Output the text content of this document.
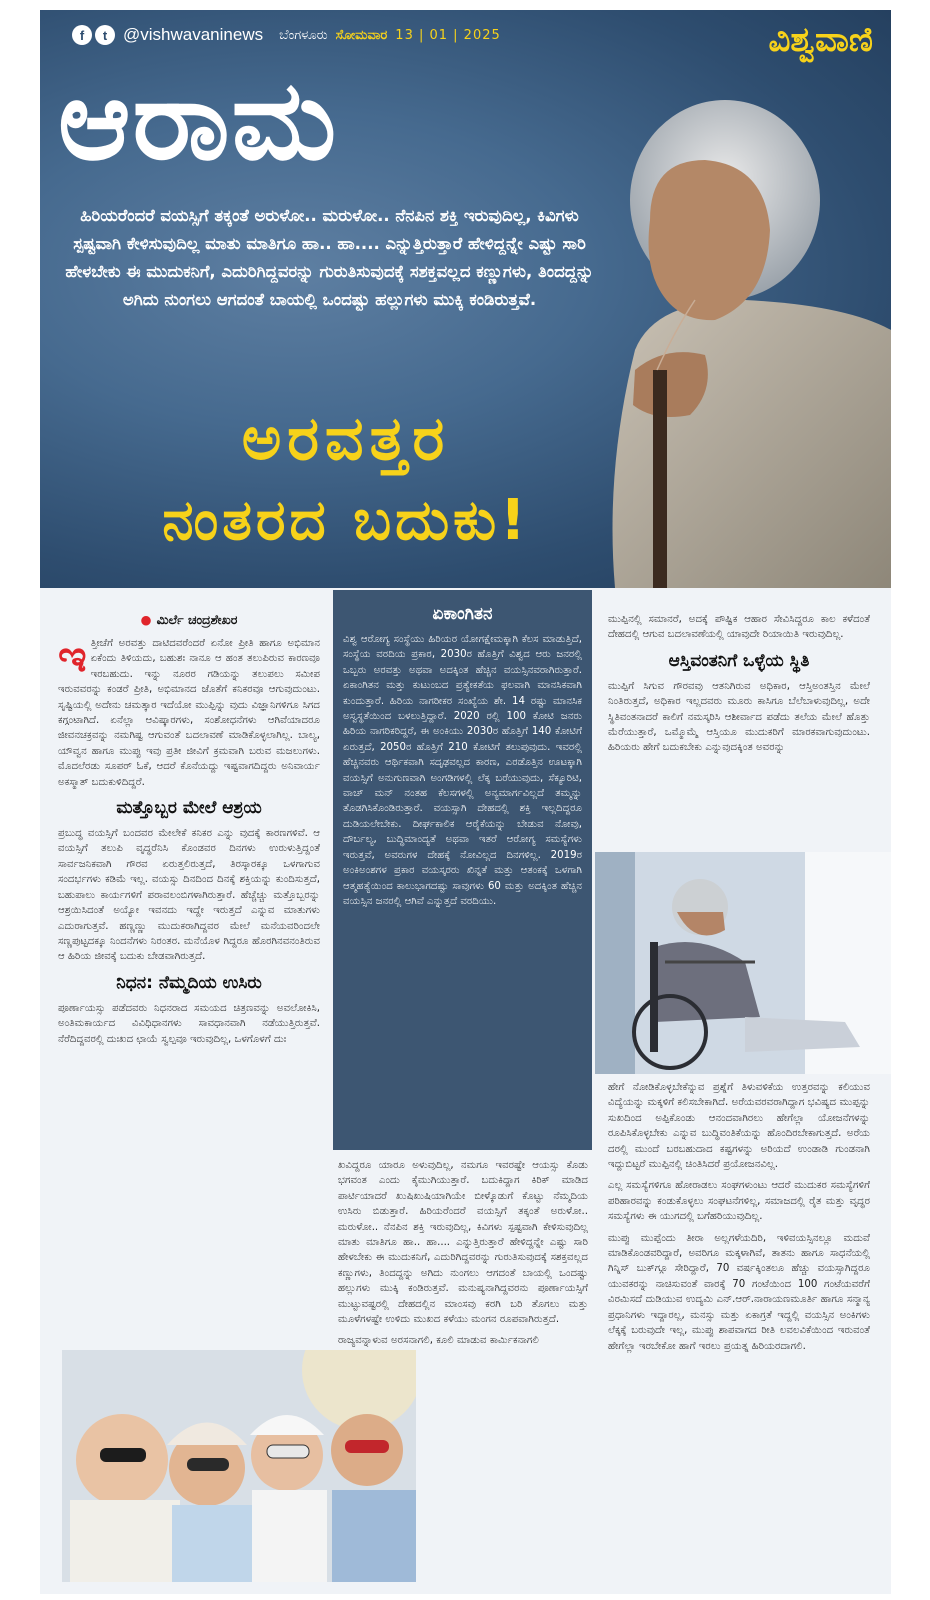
f	t @vishwavaninews ಬೆಂಗಳೂರು ಸೋಮವಾರ 13 | 01 | 2025	ವಿಶ್ವವಾಣಿ
ಆರಾಮ
ಹಿರಿಯರೆಂದರೆ ವಯಸ್ಸಿಗೆ ತಕ್ಕಂತೆ ಅರುಳೋ.. ಮರುಳೋ.. ನೆನಪಿನ ಶಕ್ತಿ ಇರುವುದಿಲ್ಲ, ಕಿವಿಗಳು ಸ್ಪಷ್ಟವಾಗಿ ಕೇಳಿಸುವುದಿಲ್ಲ ಮಾತು ಮಾತಿಗೂ ಹಾ.. ಹಾ.... ಎನ್ನುತ್ತಿರುತ್ತಾರೆ ಹೇಳಿದ್ದನ್ನೇ ಎಷ್ಟು ಸಾರಿ ಹೇಳಬೇಕು ಈ ಮುದುಕನಿಗೆ, ಎದುರಿಗಿದ್ದವರನ್ನು ಗುರುತಿಸುವುದಕ್ಕೆ ಸಶಕ್ತವಲ್ಲದ ಕಣ್ಣುಗಳು, ತಿಂದದ್ದನ್ನು ಅಗಿದು ನುಂಗಲು ಆಗದಂತೆ ಬಾಯಲ್ಲಿ ಒಂದಷ್ಟು ಹಲ್ಲುಗಳು ಮುಕ್ಕಿ ಕಂಡಿರುತ್ತವೆ.
ಅರವತ್ತರ
ನಂತರದ ಬದುಕು!
● ಮಿರ್ಲೆ ಚಂದ್ರಶೇಖರ

ಇತ್ತೀಚೆಗೆ ಅರವತ್ತು ದಾಟಿದವರೆಂದರೆ ಏನೋ ಪ್ರೀತಿ ಹಾಗೂ ಅಭಿಮಾನ ಏಕೆಂದು ತಿಳಿಯದು, ಬಹುಶಃ ನಾನೂ ಆ ಹಂತ ತಲುಪಿರುವ ಕಾರಣವೂ ಇರಬಹುದು. ಇನ್ನು ನೂರರ ಗಡಿಯನ್ನು ತಲುಪಲು ಸಮೀಪ ಇರುವವರನ್ನು ಕಂಡರೆ ಪ್ರೀತಿ, ಅಭಿಮಾನದ ಜೊತೆಗೆ ಕನಿಕರವೂ ಆಗುವುದುಂಟು. ಸೃಷ್ಟಿಯಲ್ಲಿ ಅದೇನು ಚಮತ್ಕಾರ ಇದೆಯೋ ಮುಪ್ಪಿನ್ನು ವುದು ವಿಜ್ಞಾನಿಗಳಿಗೂ ಸಿಗದ ಕಗ್ಗಂಟಾಗಿದೆ. ಏನೆಲ್ಲಾ ಆವಿಷ್ಕಾರಗಳು, ಸಂಶೋಧನೆಗಳು ಆಗಿವೆಯಾದರೂ ಜೀವನಚಕ್ರವನ್ನು ನಮಗಿಷ್ಟ ಆಗುವಂತೆ ಬದಲಾವಣೆ ಮಾಡಿಕೊಳ್ಳಲಾಗಿಲ್ಲ. ಬಾಲ್ಯ, ಯೌವ್ವನ ಹಾಗೂ ಮುಪ್ಪು ಇವು ಪ್ರತೀ ಜೀವಿಗೆ ಕ್ರಮವಾಗಿ ಬರುವ ಮಜಲುಗಳು. ಮೊದಲೆರಡು ಸೂಪರ್ ಓಕೆ, ಆದರೆ ಕೊನೆಯದ್ದು ಇಷ್ಟವಾಗದಿದ್ದರು ಅನಿವಾರ್ಯ ಅಕಸ್ಮಾತ್ ಬದುಕುಳಿದಿದ್ದರೆ.

ಮತ್ತೊಬ್ಬರ ಮೇಲೆ ಆಶ್ರಯ

ಪ್ರಬುದ್ಧ ವಯಸ್ಸಿಗೆ ಬಂದವರ ಮೇಲೇಕೆ ಕನಿಕರ ಎನ್ನು ವುದಕ್ಕೆ ಕಾರಣಗಳಿವೆ. ಆ ವಯಸ್ಸಿಗೆ ತಲುಪಿ ವೃದ್ಧರೆನಿಸಿ ಕೊಂಡವರ ದಿನಗಳು ಉರುಳುತ್ತಿದ್ದಂತೆ ಸಾರ್ವಜನಿಕವಾಗಿ ಗೌರವ ಏರುತ್ತಲಿರುತ್ತದೆ, ತಿರಸ್ಕಾರಕ್ಕೂ ಒಳಗಾಗುವ ಸಂದರ್ಭಗಳು ಕಡಿಮೆ ಇಲ್ಲ. ವಯಸ್ಸು ದಿನದಿಂದ ದಿನಕ್ಕೆ ಶಕ್ತಿಯನ್ನು ಕುಂದಿಸುತ್ತದೆ, ಬಹುಪಾಲು ಕಾರ್ಯಗಳಿಗೆ ಪರಾವಲಂಬಿಗಳಾಗಿರುತ್ತಾರೆ. ಹೆಚ್ಚೆಚ್ಚು ಮತ್ತೊಬ್ಬರನ್ನು ಆಶ್ರಯಿಸಿದಂತೆ ಅಯ್ಯೋ ಇವನದು ಇದ್ದೇ ಇರುತ್ತದೆ ಎನ್ನುವ ಮಾತುಗಳು ಎದುರಾಗುತ್ತವೆ. ಹಣ್ಣಣ್ಣು ಮುದುಕರಾಗಿದ್ದವರ ಮೇಲೆ ಮನೆಯವರಿಂದಲೇ ಸಣ್ಣಪುಟ್ಟದಕ್ಕೂ ನಿಂದನೆಗಳು ನಿರಂತರ. ಮನೆಯೊಳ ಗಿದ್ದರೂ ಹೊರಗಿನವನಂತಿರುವ ಆ ಹಿರಿಯ ಜೀವಕ್ಕೆ ಬದುಕು ಬೇಡವಾಗಿರುತ್ತದೆ.

ನಿಧನ: ನೆಮ್ಮದಿಯ ಉಸಿರು

ಪೂರ್ಣಾಯಸ್ಸು ಪಡೆದವರು ನಿಧನರಾದ ಸಮಯದ ಚಿತ್ರಣವನ್ನು ಅವಲೋಕಿಸಿ, ಅಂತಿಮಕಾರ್ಯದ ವಿವಿಧಿಧಾನಗಳು ಸಾವಧಾನವಾಗಿ ನಡೆಯುತ್ತಿರುತ್ತವೆ. ನೆರೆದಿದ್ದವರಲ್ಲಿ ದುಃಖದ ಛಾಯೆ ಸ್ವಲ್ಪವೂ ಇರುವುದಿಲ್ಲ, ಒಳಗೊಳಗೆ ದುಃ

ಏಕಾಂಗಿತನ

ವಿಶ್ವ ಆರೋಗ್ಯ ಸಂಸ್ಥೆಯು ಹಿರಿಯರ ಯೋಗಕ್ಷೇಮಕ್ಕಾಗಿ ಕೆಲಸ ಮಾಡುತ್ತಿದೆ, ಸಂಸ್ಥೆಯ ವರದಿಯ ಪ್ರಕಾರ, 2030ರ ಹೊತ್ತಿಗೆ ವಿಶ್ವದ ಆರು ಜನರಲ್ಲಿ ಒಬ್ಬರು ಅರವತ್ತು ಅಥವಾ ಅದಕ್ಕಿಂತ ಹೆಚ್ಚಿನ ವಯಸ್ಸಿನವರಾಗಿರುತ್ತಾರೆ. ಏಕಾಂಗಿತನ ಮತ್ತು ಕುಟುಂಬದ ಪ್ರತ್ಯೇಕತೆಯ ಫಲವಾಗಿ ಮಾನಸಿಕವಾಗಿ ಕುಂದುತ್ತಾರೆ. ಹಿರಿಯ ನಾಗರೀಕರ ಸಂಖ್ಯೆಯ ಶೇ. 14 ರಷ್ಟು ಮಾನಸಿಕ ಅಸ್ವಸ್ಥತೆಯಿಂದ ಬಳಲುತ್ತಿದ್ದಾರೆ. 2020 ರಲ್ಲಿ 100 ಕೋಟಿ ಜನರು ಹಿರಿಯ ನಾಗರಿಕರಿದ್ದರೆ, ಈ ಅಂಕಿಯು 2030ರ ಹೊತ್ತಿಗೆ 140 ಕೋಟಿಗೆ ಏರುತ್ತದೆ, 2050ರ ಹೊತ್ತಿಗೆ 210 ಕೋಟಿಗೆ ತಲುಪುವುದು. ಇವರಲ್ಲಿ ಹೆಚ್ಚಿನವರು ಆರ್ಥಿಕವಾಗಿ ಸದೃಢವಲ್ಲದ ಕಾರಣ, ಎರಡೊತ್ತಿನ ಊಟಕ್ಕಾಗಿ ವಯಸ್ಸಿಗೆ ಅನುಗುಣವಾಗಿ ಅಂಗಡಿಗಳಲ್ಲಿ ಲೆಕ್ಕ ಬರೆಯುವುದು, ಸೆಕ್ಯೂರಿಟಿ, ವಾಚ್ ಮನ್ ನಂತಹ ಕೆಲಸಗಳಲ್ಲಿ ಅನ್ಯಮಾರ್ಗವಿಲ್ಲದೆ ತಮ್ಮನ್ನು ತೊಡಗಿಸಿಕೊಂಡಿರುತ್ತಾರೆ. ವಯಸ್ಸಾಗಿ ದೇಹದಲ್ಲಿ ಶಕ್ತಿ ಇಲ್ಲದಿದ್ದರೂ ದುಡಿಯಲೇಬೇಕು. ದೀರ್ಘಕಾಲಿಕ ಆರೈಕೆಯನ್ನು ಬೇಡುವ ನೋವು, ದೌರ್ಬಲ್ಯ, ಬುದ್ಧಿಮಾಂದ್ಯತೆ ಅಥವಾ ಇತರೆ ಆರೋಗ್ಯ ಸಮಸ್ಯೆಗಳು ಇರುತ್ತವೆ, ಅವರುಗಳ ದೇಹಕ್ಕೆ ನೋವಿಲ್ಲದ ದಿನಗಳಿಲ್ಲ. 2019ರ ಅಂಕಿಅಂಶಗಳ ಪ್ರಕಾರ ವಯಸ್ಕರರು ಖಿನ್ನತೆ ಮತ್ತು ಆತಂಕಕ್ಕೆ ಒಳಗಾಗಿ ಆತ್ಮಹತ್ಯೆಯಿಂದ ಕಾಲುಭಾಗದಷ್ಟು ಸಾವುಗಳು 60 ಮತ್ತು ಅದಕ್ಕಿಂತ ಹೆಚ್ಚಿನ ವಯಸ್ಸಿನ ಜನರಲ್ಲಿ ಆಗಿವೆ ಎನ್ನುತ್ತದೆ ವರದಿಯು.

ಖವಿದ್ದರೂ ಯಾರೂ ಅಳುವುದಿಲ್ಲ, ನಮಗೂ ಇವರಷ್ಟೇ ಆಯಸ್ಸು ಕೊಡು ಭಗವಂತ ಎಂದು ಕೈಮುಗಿಯುತ್ತಾರೆ. ಬದುಕಿದ್ದಾಗ ಕಿರಿಕ್ ಮಾಡಿದ ಪಾರ್ಟಿಯಾದರೆ ಖುಷಿಖುಷಿಯಾಗಿಯೇ ಬೀಳ್ಕೊಡುಗೆ ಕೊಟ್ಟು ನೆಮ್ಮದಿಯ ಉಸಿರು ಬಿಡುತ್ತಾರೆ. ಹಿರಿಯರೆಂದರೆ ವಯಸ್ಸಿಗೆ ತಕ್ಕಂತೆ ಅರುಳೋ.. ಮರುಳೋ.. ನೆನಪಿನ ಶಕ್ತಿ ಇರುವುದಿಲ್ಲ, ಕಿವಿಗಳು ಸ್ಪಷ್ಟವಾಗಿ ಕೇಳಿಸುವುದಿಲ್ಲ ಮಾತು ಮಾತಿಗೂ ಹಾ.. ಹಾ.... ಎನ್ನುತ್ತಿರುತ್ತಾರೆ ಹೇಳಿದ್ದನ್ನೇ ಎಷ್ಟು ಸಾರಿ ಹೇಳಬೇಕು ಈ ಮುದುಕನಿಗೆ, ಎದುರಿಗಿದ್ದವರನ್ನು ಗುರುತಿಸುವುದಕ್ಕೆ ಸಶಕ್ತವಲ್ಲದ ಕಣ್ಣುಗಳು, ತಿಂದದ್ದನ್ನು ಅಗಿದು ನುಂಗಲು ಆಗದಂತೆ ಬಾಯಲ್ಲಿ ಒಂದಷ್ಟು ಹಲ್ಲುಗಳು ಮುಕ್ಕಿ ಕಂಡಿರುತ್ತವೆ. ಮನುಷ್ಯನಾಗಿದ್ದವರನು ಪೂರ್ಣಾಯಸ್ಸಿಗೆ ಮುಟ್ಟುವಷ್ಟರಲ್ಲಿ ದೇಹದಲ್ಲಿನ ಮಾಂಸವು ಕರಗಿ ಬರಿ ತೊಗಲು ಮತ್ತು ಮೂಳೆಗಳಷ್ಟೇ ಉಳಿದು ಮುಖದ ಕಳೆಯು ಮಂಗನ ರೂಪವಾಗಿರುತ್ತದೆ.

ರಾಜ್ಯವನ್ನಾಳುವ ಅರಸನಾಗಲಿ, ಕೂಲಿ ಮಾಡುವ ಕಾರ್ಮಿಕನಾಗಲಿ

ಮುಪ್ಪಿನಲ್ಲಿ ಸಮಾನರೆ, ಅದಕ್ಕೆ ಪೌಷ್ಟಿಕ ಆಹಾರ ಸೇವಿಸಿದ್ದರೂ ಕಾಲ ಕಳೆದಂತೆ ದೇಹದಲ್ಲಿ ಆಗುವ ಬದಲಾವಣೆಯಲ್ಲಿ ಯಾವುದೇ ರಿಯಾಯಿತಿ ಇರುವುದಿಲ್ಲ.

ಆಸ್ತಿವಂತನಿಗೆ ಒಳ್ಳೆಯ ಸ್ಥಿತಿ

ಮುಪ್ಪಿಗೆ ಸಿಗುವ ಗೌರವವು ಆತನಿಗಿರುವ ಅಧಿಕಾರ, ಆಸ್ತಿಅಂತಸ್ತಿನ ಮೇಲೆ ನಿಂತಿರುತ್ತದೆ, ಅಧಿಕಾರ ಇಲ್ಲದವರು ಮೂರು ಕಾಸಿಗೂ ಬೆಲೆಬಾಳುವುದಿಲ್ಲ, ಅದೇ ಸ್ಥಿತಿವಂತನಾದರೆ ಕಾಲಿಗೆ ನಮಸ್ಕರಿಸಿ ಆಶೀರ್ವಾದ ಪಡೆದು ತಲೆಯ ಮೇಲೆ ಹೊತ್ತು ಮೆರೆಯುತ್ತಾರೆ, ಒಮ್ಮೊಮ್ಮೆ ಆಸ್ತಿಯೂ ಮುದುಕರಿಗೆ ಮಾರಕವಾಗುವುದುಂಟು. ಹಿರಿಯರು ಹೇಗೆ ಬದುಕಬೇಕು ಎನ್ನುವುದಕ್ಕಿಂತ ಅವರನ್ನು

ಹೇಗೆ ನೋಡಿಕೊಳ್ಳಬೇಕೆನ್ನುವ ಪ್ರಶ್ನೆಗೆ ತಿಳುವಳಿಕೆಯ ಉತ್ತರವನ್ನು ಕಲಿಯುವ ವಿದ್ಯೆಯನ್ನು ಮಕ್ಕಳಿಗೆ ಕಲಿಸಬೇಕಾಗಿದೆ. ಅರೆಯವರವರಾಗಿದ್ದಾಗ ಭವಿಷ್ಯದ ಮುಪ್ಪನ್ನು ಸುಖದಿಂದ ಅಪ್ಪಿಕೊಂಡು ಆನಂದವಾಗಿರಲು ಹೇಗೆಲ್ಲಾ ಯೋಜನೆಗಳನ್ನು ರೂಪಿಸಿಕೊಳ್ಳಬೇಕು ಎನ್ನುವ ಬುದ್ಧಿವಂತಿಕೆಯನ್ನು ಹೊಂದಿರಬೇಕಾಗುತ್ತದೆ. ಅರೆಯ ದರಲ್ಲಿ ಮುಂದೆ ಬರಬಹುದಾದ ಕಷ್ಟಗಳನ್ನು ಅರಿಯದೆ ಉಂಡಾಡಿ ಗುಂಡನಾಗಿ ಇದ್ದುಬಿಟ್ಟರೆ ಮುಪ್ಪಿನಲ್ಲಿ ಚಿಂತಿಸಿದರೆ ಪ್ರಯೋಜನವಿಲ್ಲ.

ಎಲ್ಲ ಸಮಸ್ಯೆಗಳಿಗೂ ಹೋರಾಡಲು ಸಂಘಗಳುಂಟು ಆದರೆ ಮುದುಕರ ಸಮಸ್ಯೆಗಳಿಗೆ ಪರಿಹಾರವನ್ನು ಕಂಡುಕೊಳ್ಳಲು ಸಂಘಟನೆಗಳಿಲ್ಲ, ಸಮಾಜದಲ್ಲಿ ರೈತ ಮತ್ತು ವೃದ್ಧರ ಸಮಸ್ಯೆಗಳು ಈ ಯುಗದಲ್ಲಿ ಬಗೆಹರಿಯುವುದಿಲ್ಲ.

ಮುಪ್ಪು ಮುಪ್ಪೆಂದು ತೀರಾ ಅಲ್ಲಗಳೆಯದಿರಿ, ಇಳಿವಯಸ್ಸಿನಲ್ಲೂ ಮದುವೆ ಮಾಡಿಕೊಂಡವರಿದ್ದಾರೆ, ಅವರಿಗೂ ಮಕ್ಕಳಾಗಿವೆ, ತಾತನು ಹಾಗೂ ಸಾಧನೆಯಲ್ಲಿ ಗಿನ್ನಿಸ್ ಬುಕ್‌ಗ್ಗೂ ಸೇರಿದ್ದಾರೆ, 70 ವರ್ಷಕ್ಕಿಂತಲೂ ಹೆಚ್ಚು ವಯಸ್ಸಾಗಿದ್ದರೂ ಯುವಕರನ್ನು ನಾಚಿಸುವಂತೆ ವಾರಕ್ಕೆ 70 ಗಂಟೆಯಿಂದ 100 ಗಂಟೆಯವರೆಗೆ ವಿರಮಿಸದೆ ದುಡಿಯುವ ಉದ್ಯಮಿ ಎನ್.ಆರ್.ನಾರಾಯಣಮೂರ್ತಿ ಹಾಗೂ ಸನ್ಮಾನ್ಯ ಪ್ರಧಾನಿಗಳು ಇದ್ದಾರಲ್ಲ, ಮನಸ್ಸು ಮತ್ತು ಏಕಾಗ್ರತೆ ಇದ್ದಲ್ಲಿ ವಯಸ್ಸಿನ ಅಂಕಿಗಳು ಲೆಕ್ಕಕ್ಕೆ ಬರುವುದೇ ಇಲ್ಲ, ಮುಪ್ಪು ಶಾಪವಾಗದ ರೀತಿ ಲವಲವಿಕೆಯಿಂದ ಇರುವಂತೆ ಹೇಗೆಲ್ಲಾ ಇರಬೇಕೋ ಹಾಗೆ ಇರಲು ಪ್ರಯತ್ನ ಹಿರಿಯರದಾಗಲಿ.
